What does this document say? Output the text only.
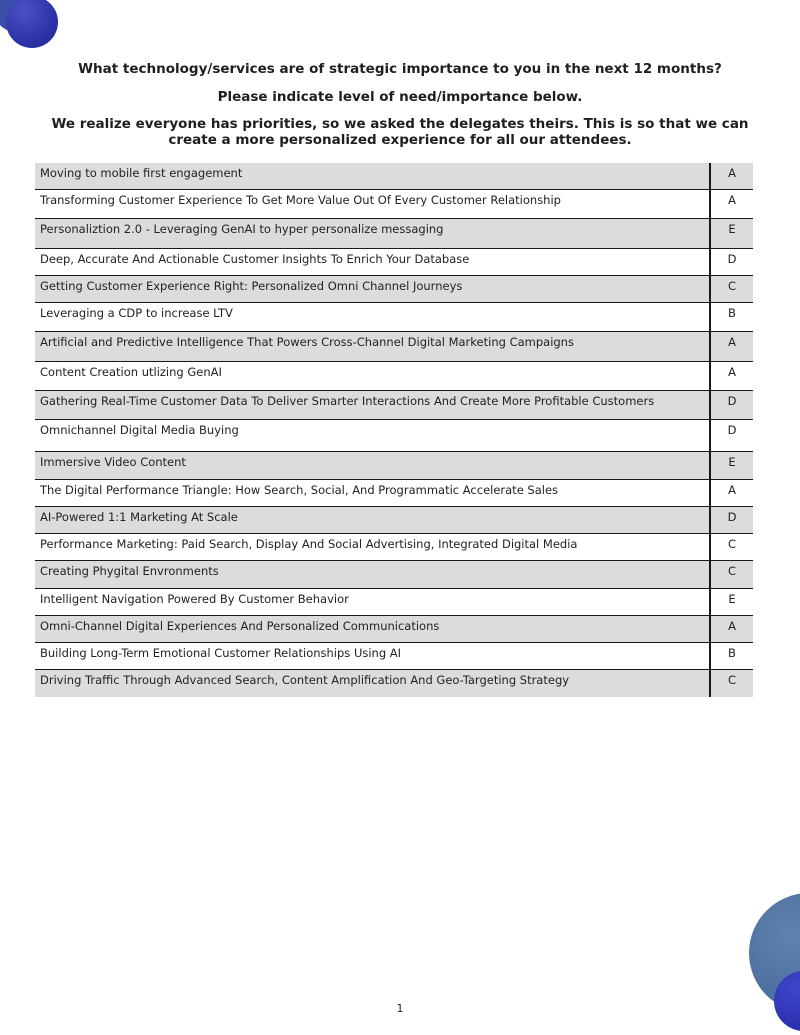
What technology/services are of strategic importance to you in the next 12 months?
Please indicate level of need/importance below.
We realize everyone has priorities, so we asked the delegates theirs. This is so that we can create a more personalized experience for all our attendees.
Moving to mobile first engagement	A
Transforming Customer Experience To Get More Value Out Of Every Customer Relationship	A
Personaliztion 2.0 - Leveraging GenAI to hyper personalize messaging	E
Deep, Accurate And Actionable Customer Insights To Enrich Your Database	D
Getting Customer Experience Right: Personalized Omni Channel Journeys	C
Leveraging a CDP to increase LTV	B
Artificial and Predictive Intelligence That Powers Cross-Channel Digital Marketing Campaigns	A
Content Creation utlizing GenAI	A
Gathering Real-Time Customer Data To Deliver Smarter Interactions And Create More Profitable Customers	D
Omnichannel Digital Media Buying	D
Immersive Video Content	E
The Digital Performance Triangle: How Search, Social, And Programmatic Accelerate Sales	A
AI-Powered 1:1 Marketing At Scale	D
Performance Marketing: Paid Search, Display And Social Advertising, Integrated Digital Media	C
Creating Phygital Envronments	C
Intelligent Navigation Powered By Customer Behavior	E
Omni-Channel Digital Experiences And Personalized Communications	A
Building Long-Term Emotional Customer Relationships Using AI	B
Driving Traffic Through Advanced Search, Content Amplification And Geo-Targeting Strategy	C
1
